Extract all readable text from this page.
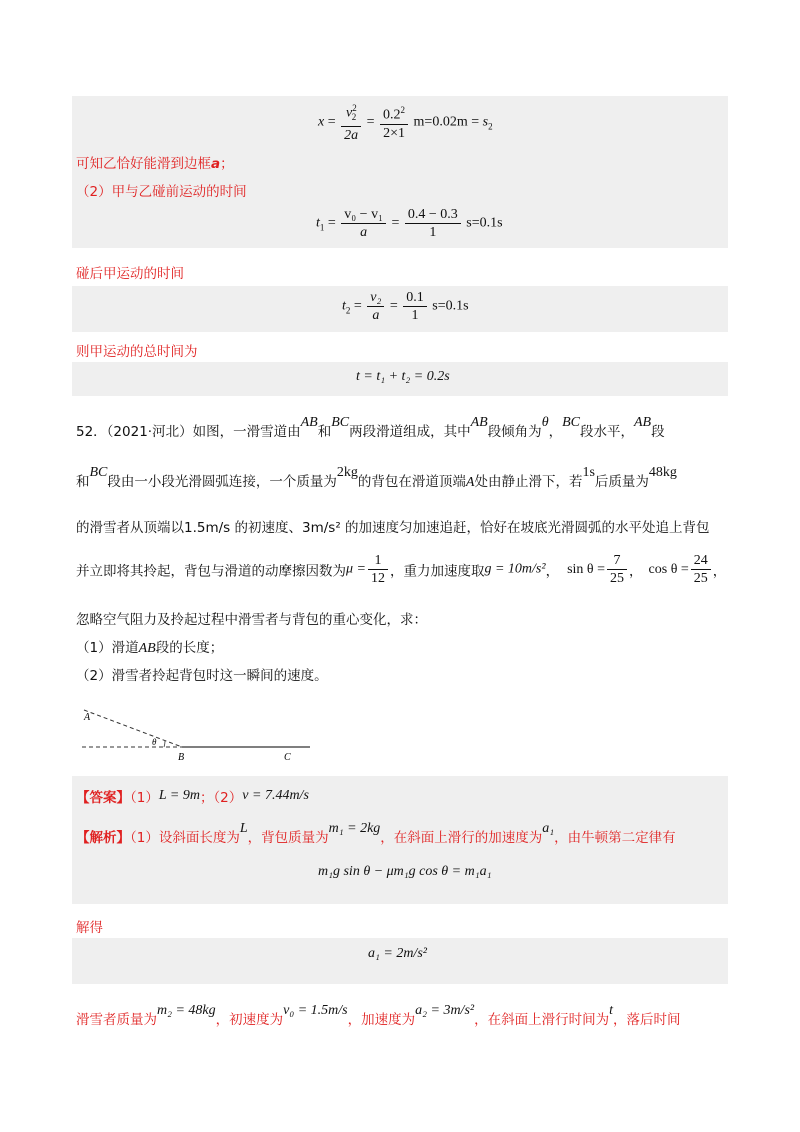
$x = \frac{v^2_2}{2a} = \frac{0.2^2}{2\times 1} m=0.02m = s_2$
可知乙恰好能滑到边框a；
（2）甲与乙碰前运动的时间
$t_1 = \frac{\text{v₀ − v₁}}{a} = \frac{0.4 - 0.3}{1} s=0.1s$
碰后甲运动的时间
$t_2 = \frac{\text{v₂}}{a} = \frac{0.1}{1} s=0.1s$
则甲运动的总时间为
t = t₁ + t₂ = 0.2s
52．（2021·河北）如图，一滑雪道由AB和BC两段滑道组成，其中AB段倾角为θ，BC段水平，AB段
和BC段由一小段光滑圆弧连接，一个质量为2kg的背包在滑道顶端A处由静止滑下，若1s后质量为48kg
的滑雪者从顶端以1.5m/s 的初速度、3m/s² 的加速度匀加速追赶，恰好在坡底光滑圆弧的水平处追上背包
并立即将其拎起，背包与滑道的动摩擦因数为$\mu = \frac{1}{12}$ ，重力加速度取g = 10m/s²， $\sin \theta = \frac{7}{25}$ ， $\cos \theta = \frac{24}{25}$ ，
忽略空气阻力及拎起过程中滑雪者与背包的重心变化，求：
（1）滑道AB段的长度；
（2）滑雪者拎起背包时这一瞬间的速度。
A
θ
B	C
【答案】（1）L = 9m；（2）v = 7.44m/s
【解析】（1）设斜面长度为L，背包质量为m₁ = 2kg，在斜面上滑行的加速度为a₁，由牛顿第二定律有
m₁g sin θ − μm₁g cos θ = m₁a₁
解得
a₁ = 2m/s²
滑雪者质量为m₂ = 48kg，初速度为v₀ = 1.5m/s，加速度为a₂ = 3m/s²，在斜面上滑行时间为t，落后时间
